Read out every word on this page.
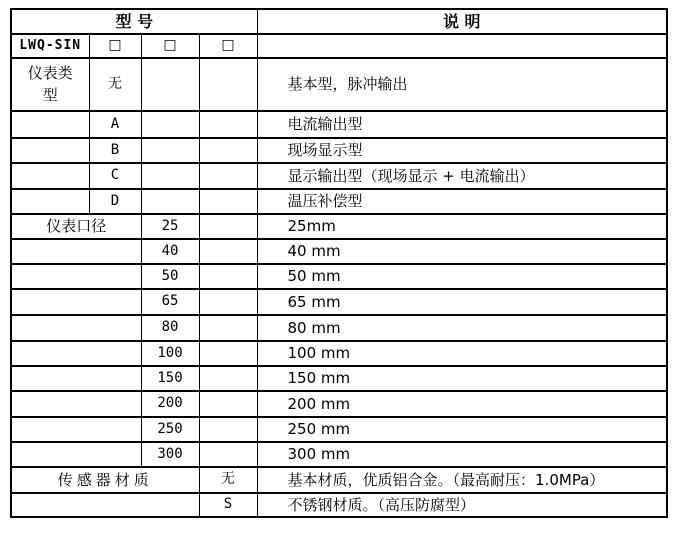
型 号				说 明
LWQ-SIN	□	□	□	
仪表类型	无			基本型，脉冲输出
	A			电流输出型
	B			现场显示型
	C			显示输出型（现场显示 + 电流输出）
	D			温压补偿型
仪表口径		25		25mm
		40		40 mm
		50		50 mm
		65		65 mm
		80		80 mm
		100		100 mm
		150		150 mm
		200		200 mm
		250		250 mm
		300		300 mm
传感器材质			无	基本材质，优质铝合金。（最高耐压：1.0MPa）
			S	不锈钢材质。（高压防腐型）
